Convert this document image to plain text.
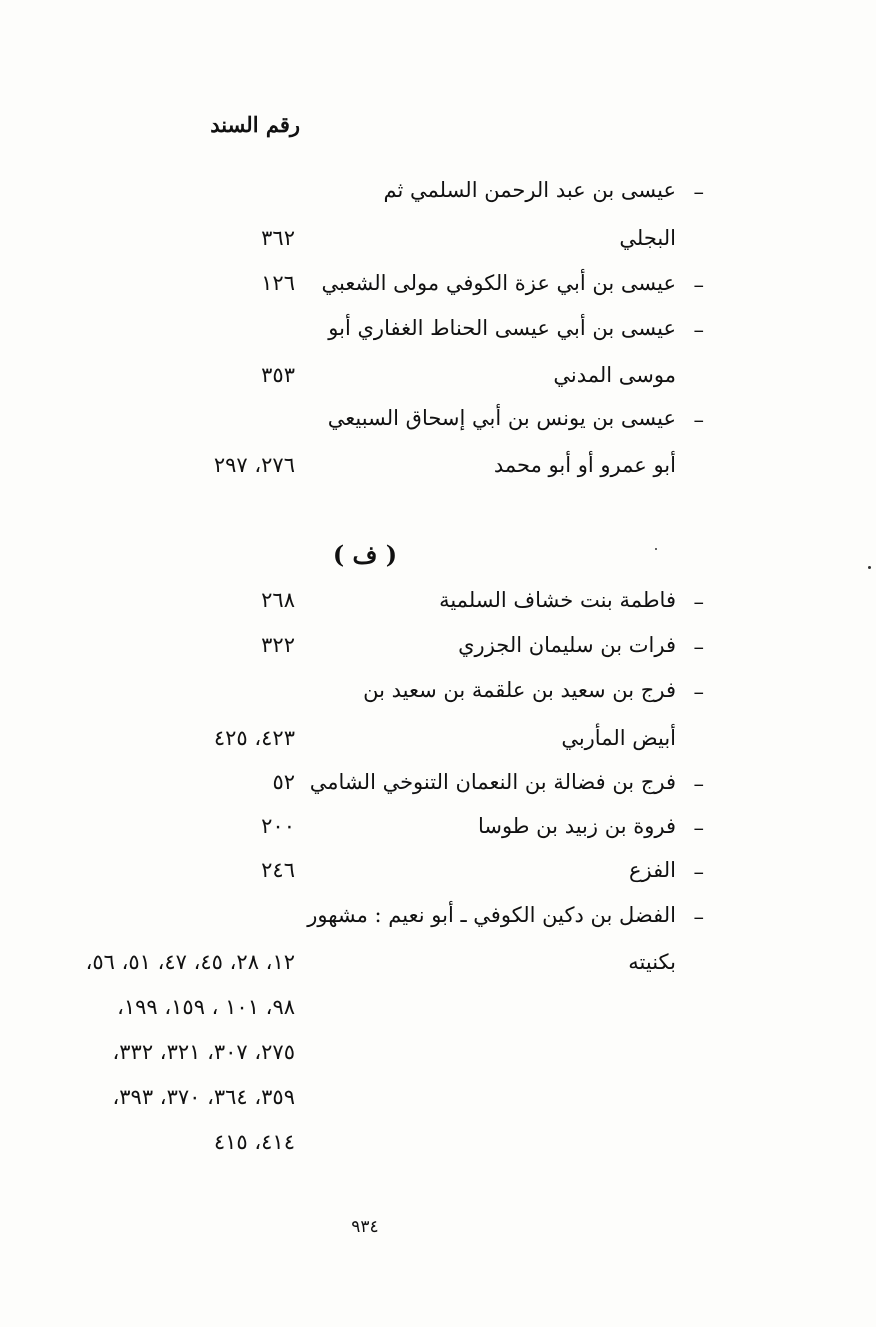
رقم السند
–
عيسى بن عبد الرحمن السلمي ثم
البجلي
٣٦٢
–
عيسى بن أبي عزة الكوفي مولى الشعبي
١٢٦
–
عيسى بن أبي عيسى الحناط الغفاري أبو
موسى المدني
٣٥٣
–
عيسى بن يونس بن أبي إسحاق السبيعي
أبو عمرو أو أبو محمد
٢٧٦، ٢٩٧
( ف )
–
فاطمة بنت خشاف السلمية
٢٦٨
–
فرات بن سليمان الجزري
٣٢٢
–
فرج بن سعيد بن علقمة بن سعيد بن
أبيض المأربي
٤٢٣، ٤٢٥
–
فرج بن فضالة بن النعمان التنوخي الشامي
٥٢
–
فروة بن زبيد بن طوسا
٢٠٠
–
الفزع
٢٤٦
–
الفضل بن دكين الكوفي ـ أبو نعيم : مشهور
بكنيته
١٢، ٢٨، ٤٥، ٤٧، ٥١، ٥٦،
٩٨، ١٠١ ، ١٥٩، ١٩٩،
٢٧٥، ٣٠٧، ٣٢١، ٣٣٢،
٣٥٩، ٣٦٤، ٣٧٠، ٣٩٣،
٤١٤، ٤١٥
٩٣٤
